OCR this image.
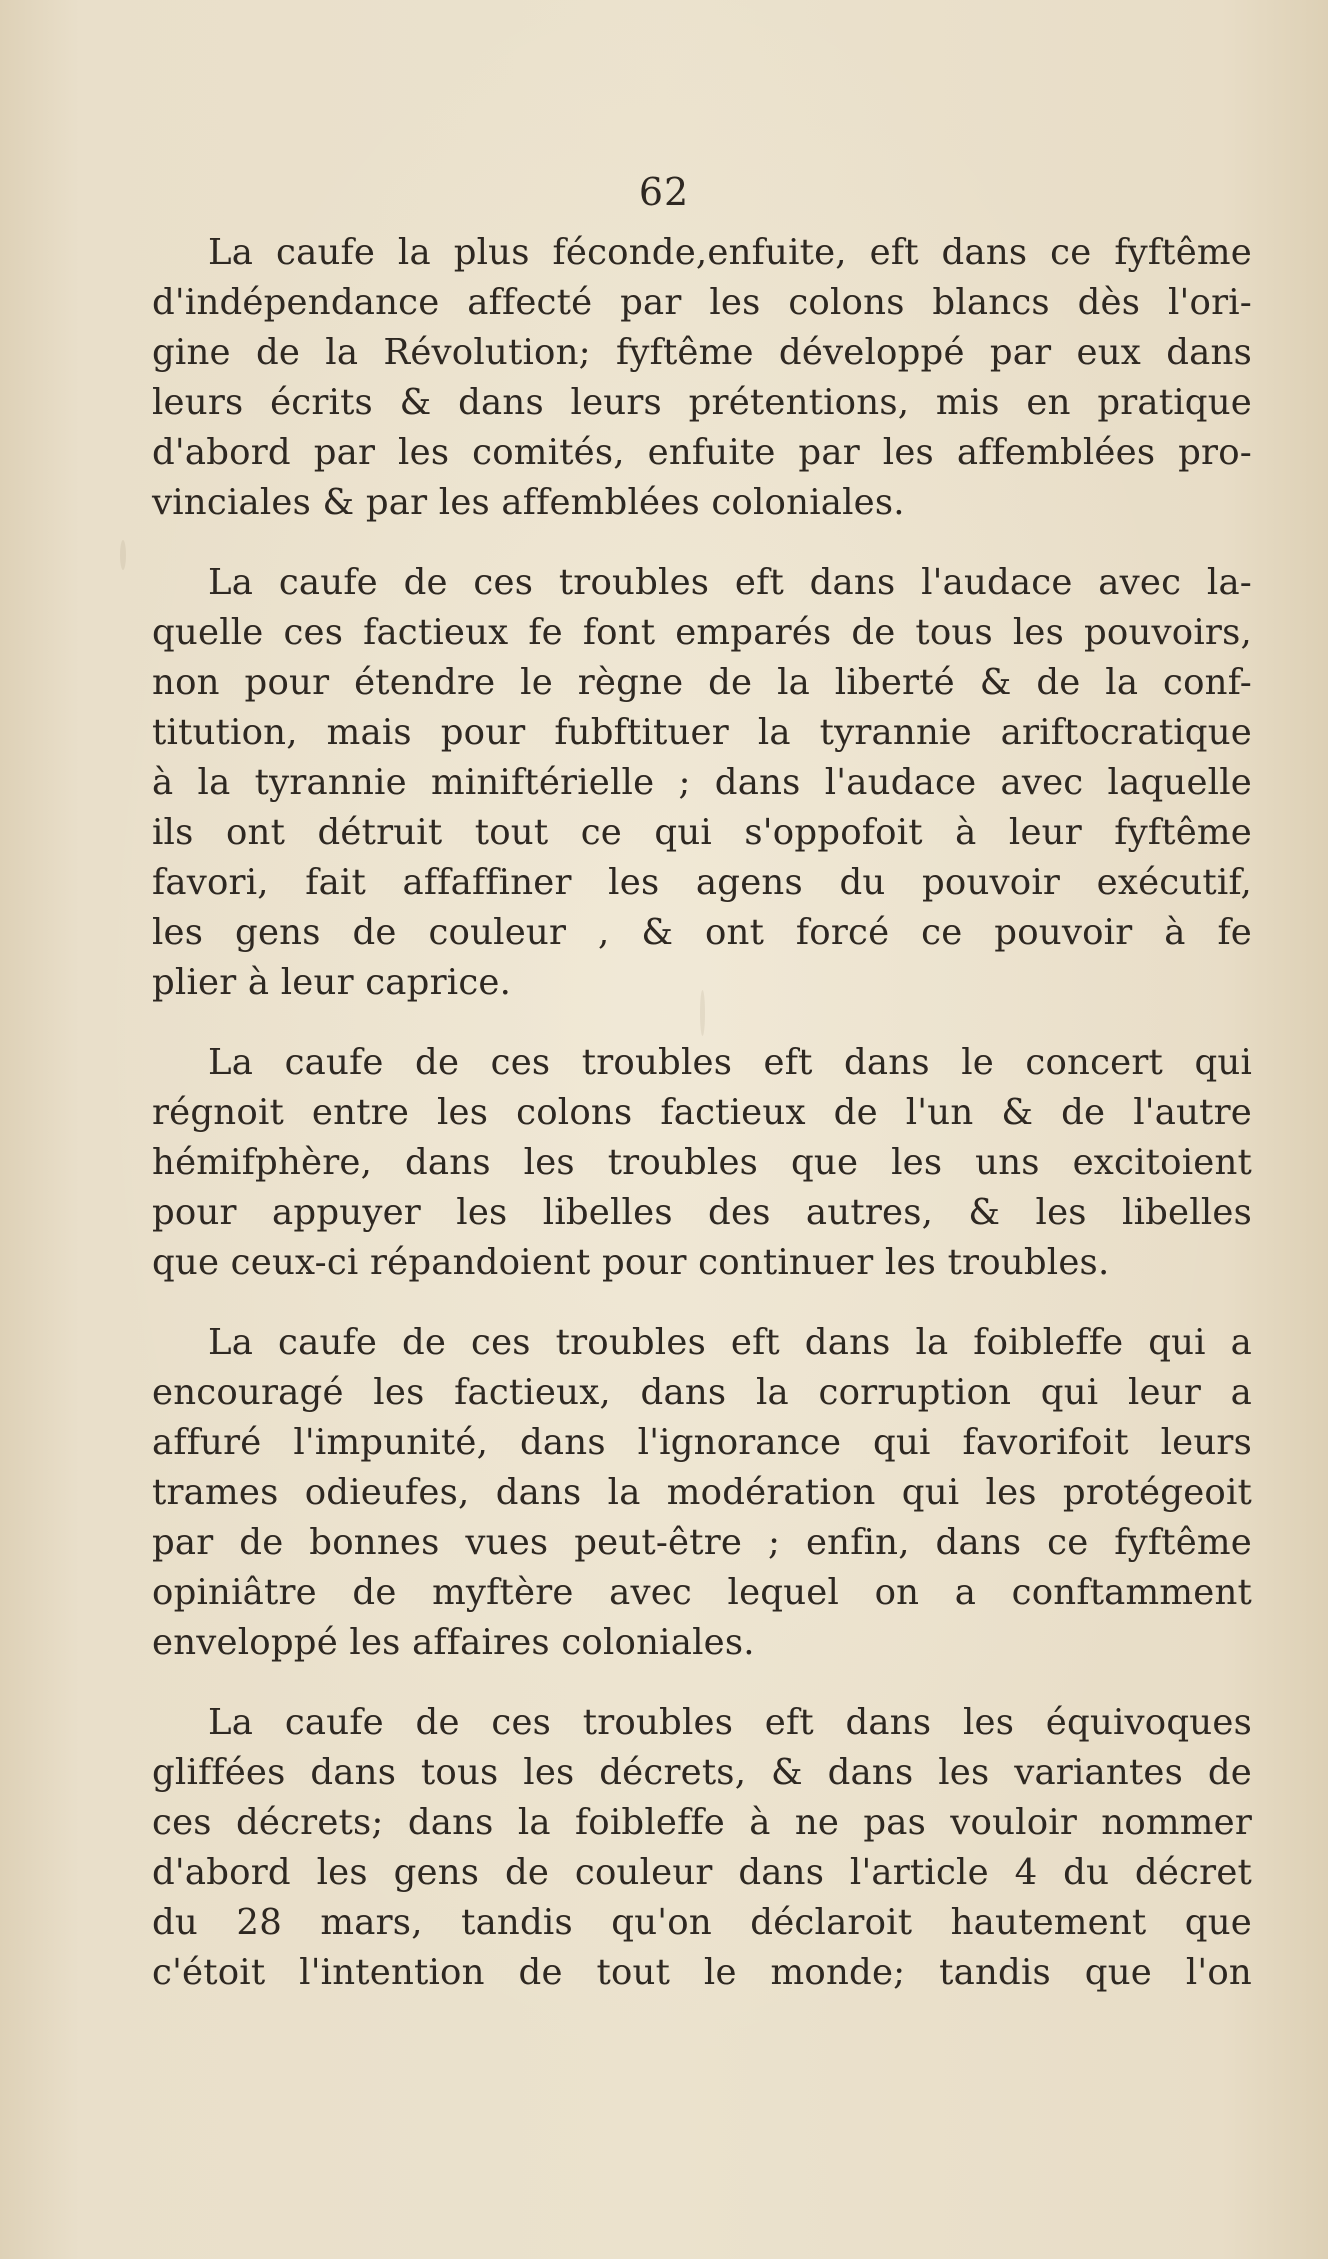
62
La caufe la plus féconde,enfuite, eft dans ce fyftême
d'indépendance affecté par les colons blancs dès l'ori-
gine de la Révolution; fyftême développé par eux dans
leurs écrits & dans leurs prétentions, mis en pratique
d'abord par les comités, enfuite par les affemblées pro-
vinciales & par les affemblées coloniales.
La caufe de ces troubles eft dans l'audace avec la-
quelle ces factieux fe font emparés de tous les pouvoirs,
non pour étendre le règne de la liberté & de la conf-
titution, mais pour fubftituer la tyrannie ariftocratique
à la tyrannie miniftérielle ; dans l'audace avec laquelle
ils ont détruit tout ce qui s'oppofoit à leur fyftême
favori, fait affaffiner les agens du pouvoir exécutif,
les gens de couleur , & ont forcé ce pouvoir à fe
plier à leur caprice.
La caufe de ces troubles eft dans le concert qui
régnoit entre les colons factieux de l'un & de l'autre
hémifphère, dans les troubles que les uns excitoient
pour appuyer les libelles des autres, & les libelles
que ceux-ci répandoient pour continuer les troubles.
La caufe de ces troubles eft dans la foibleffe qui a
encouragé les factieux, dans la corruption qui leur a
affuré l'impunité, dans l'ignorance qui favorifoit leurs
trames odieufes, dans la modération qui les protégeoit
par de bonnes vues peut-être ; enfin, dans ce fyftême
opiniâtre de myftère avec lequel on a conftamment
enveloppé les affaires coloniales.
La caufe de ces troubles eft dans les équivoques
gliffées dans tous les décrets, & dans les variantes de
ces décrets; dans la foibleffe à ne pas vouloir nommer
d'abord les gens de couleur dans l'article 4 du décret
du 28 mars, tandis qu'on déclaroit hautement que
c'étoit l'intention de tout le monde; tandis que l'on
